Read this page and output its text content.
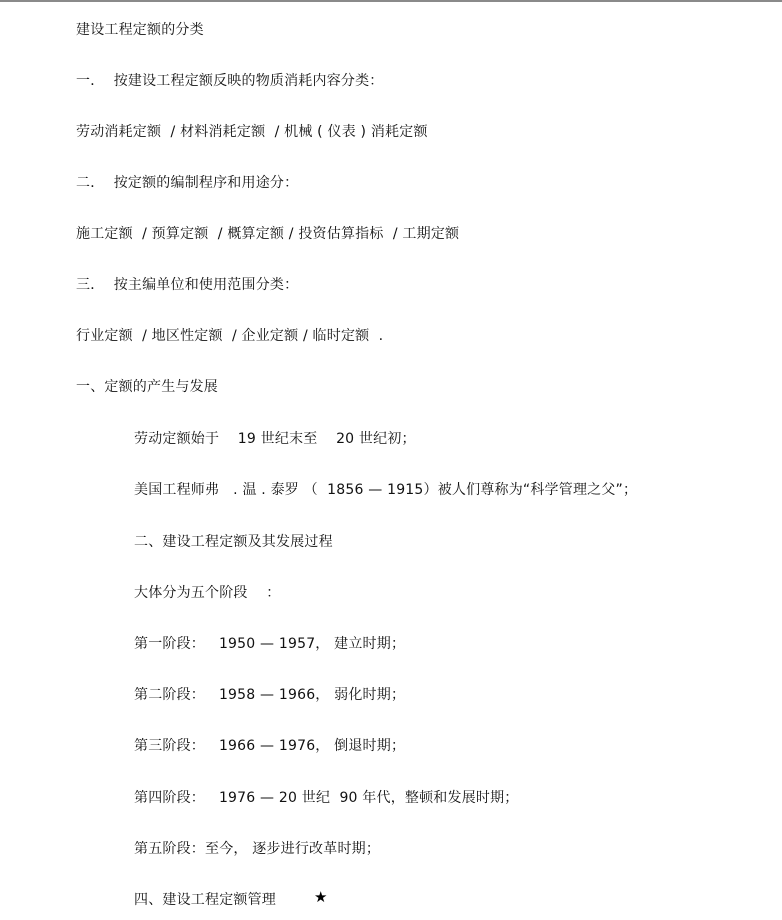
建设工程定额的分类
一．  按建设工程定额反映的物质消耗内容分类：
劳动消耗定额  / 材料消耗定额  / 机械 ( 仪表 ) 消耗定额
二．  按定额的编制程序和用途分：
施工定额  / 预算定额  / 概算定额 / 投资估算指标  / 工期定额
三．  按主编单位和使用范围分类：
行业定额  / 地区性定额  / 企业定额 / 临时定额  .
一、定额的产生与发展
劳动定额始于    19 世纪末至    20 世纪初；
美国工程师弗   . 温 . 泰罗 （  1856 — 1915）被人们尊称为“科学管理之父”；
二、建设工程定额及其发展过程
大体分为五个阶段    ：
第一阶段：   1950 — 1957， 建立时期；
第二阶段：   1958 — 1966， 弱化时期；
第三阶段：   1966 — 1976， 倒退时期；
第四阶段：   1976 — 20 世纪  90 年代，整顿和发展时期；
第五阶段：至今， 逐步进行改革时期；
四、建设工程定额管理	★
